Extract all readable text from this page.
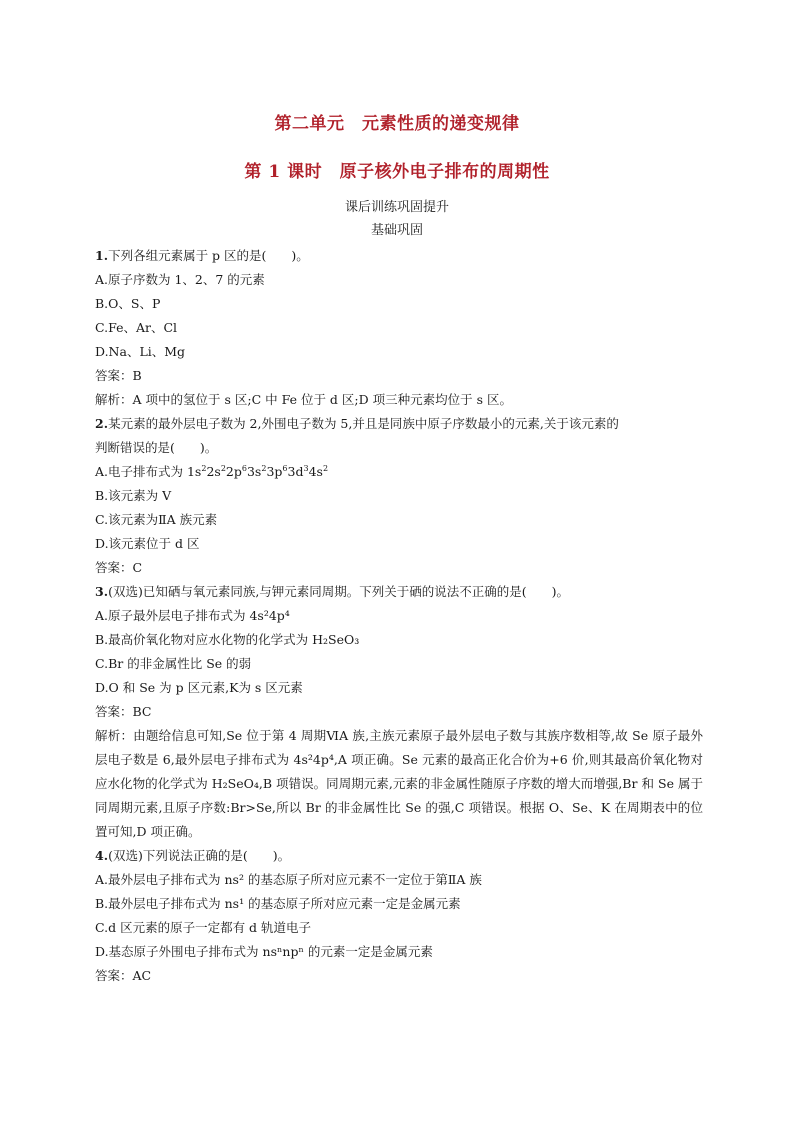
第二单元　元素性质的递变规律
第 1 课时　原子核外电子排布的周期性
课后训练巩固提升
基础巩固
1.下列各组元素属于 p 区的是(　　)。
A.原子序数为 1、2、7 的元素
B.O、S、P
C.Fe、Ar、Cl
D.Na、Li、Mg
答案：B
解析：A 项中的氢位于 s 区;C 中 Fe 位于 d 区;D 项三种元素均位于 s 区。
2.某元素的最外层电子数为 2,外围电子数为 5,并且是同族中原子序数最小的元素,关于该元素的
判断错误的是(　　)。
A.电子排布式为 $1s^22s^22p^63s^23p^63d^34s^2$
B.该元素为 V
C.该元素为ⅡA 族元素
D.该元素位于 d 区
答案：C
3.(双选)已知硒与氧元素同族,与钾元素同周期。下列关于硒的说法不正确的是(　　)。
A.原子最外层电子排布式为 4s²4p⁴
B.最高价氧化物对应水化物的化学式为 H₂SeO₃
C.Br 的非金属性比 Se 的弱
D.O 和 Se 为 p 区元素,K为 s 区元素
答案：BC
解析：由题给信息可知,Se 位于第 4 周期ⅥA 族,主族元素原子最外层电子数与其族序数相等,故 Se 原子最外层电子数是 6,最外层电子排布式为 4s²4p⁴,A 项正确。Se 元素的最高正化合价为+6 价,则其最高价氧化物对应水化物的化学式为 H₂SeO₄,B 项错误。同周期元素,元素的非金属性随原子序数的增大而增强,Br 和 Se 属于同周期元素,且原子序数:Br>Se,所以 Br 的非金属性比 Se 的强,C 项错误。根据 O、Se、K 在周期表中的位置可知,D 项正确。
4.(双选)下列说法正确的是(　　)。
A.最外层电子排布式为 ns² 的基态原子所对应元素不一定位于第ⅡA 族
B.最外层电子排布式为 ns¹ 的基态原子所对应元素一定是金属元素
C.d 区元素的原子一定都有 d 轨道电子
D.基态原子外围电子排布式为 nsⁿnpⁿ 的元素一定是金属元素
答案：AC
